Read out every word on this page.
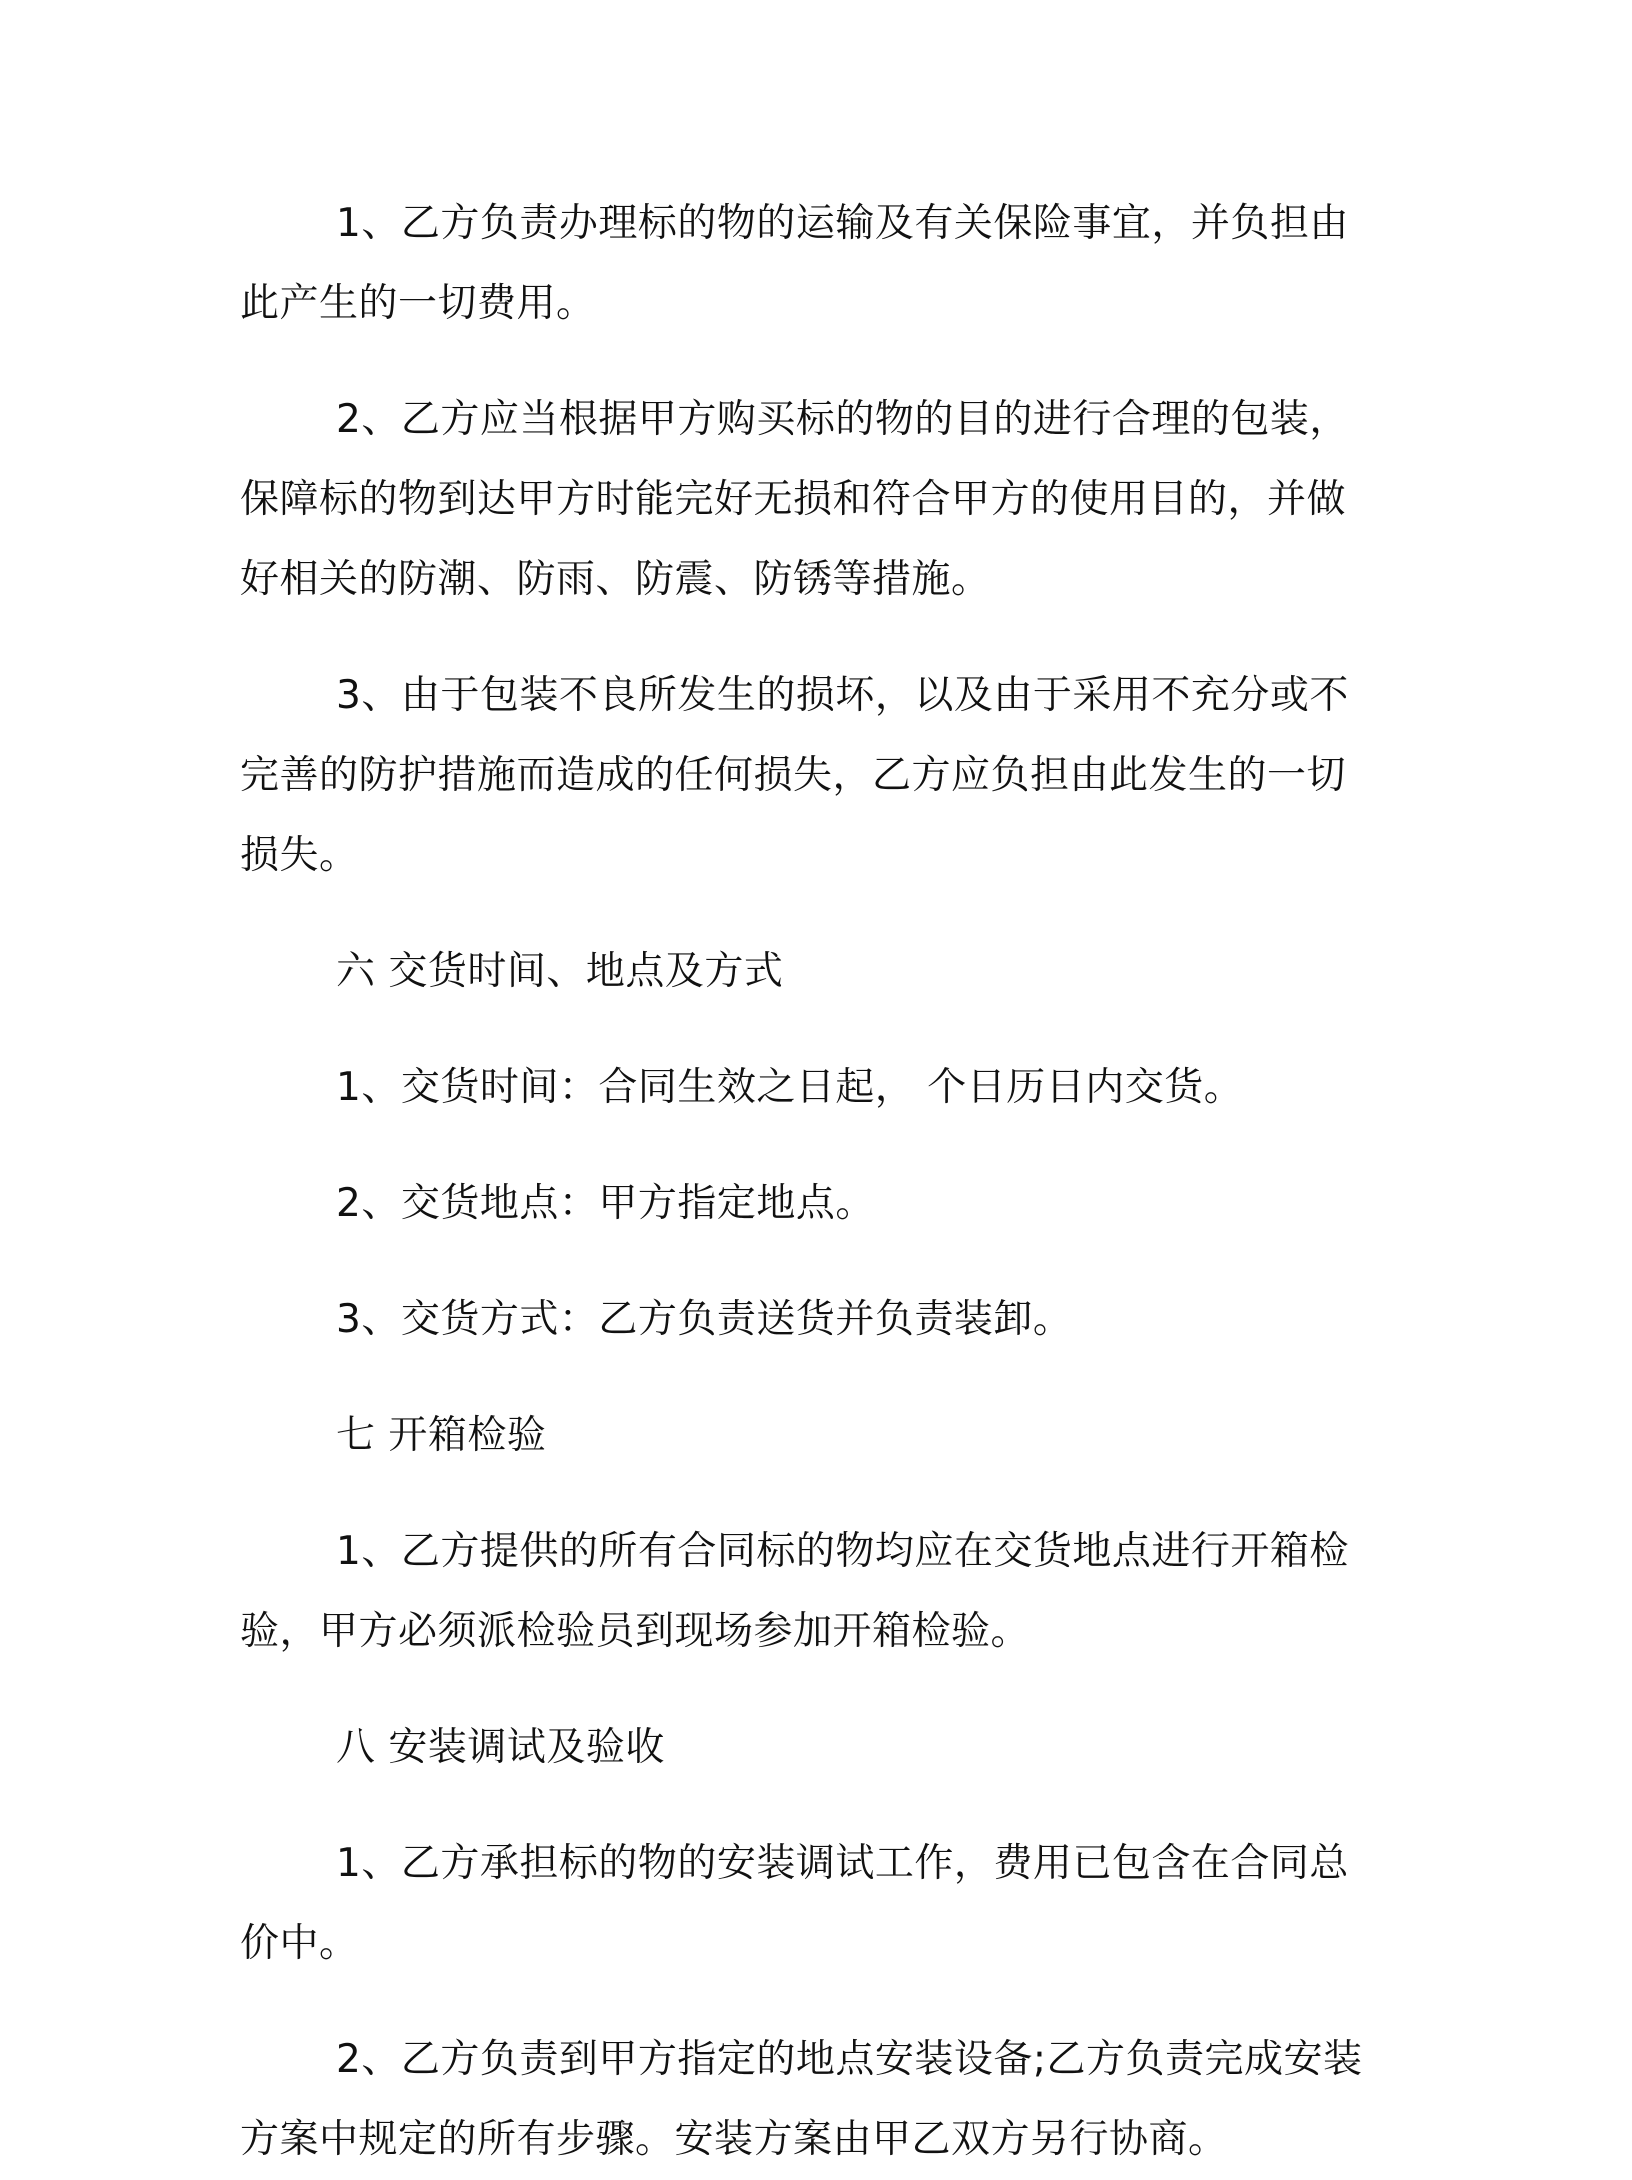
1、乙方负责办理标的物的运输及有关保险事宜，并负担由此产生的一切费用。

2、乙方应当根据甲方购买标的物的目的进行合理的包装，保障标的物到达甲方时能完好无损和符合甲方的使用目的，并做好相关的防潮、防雨、防震、防锈等措施。

3、由于包装不良所发生的损坏，以及由于采用不充分或不完善的防护措施而造成的任何损失，乙方应负担由此发生的一切损失。

六 交货时间、地点及方式

1、交货时间：合同生效之日起， 个日历日内交货。

2、交货地点：甲方指定地点。

3、交货方式：乙方负责送货并负责装卸。

七 开箱检验

1、乙方提供的所有合同标的物均应在交货地点进行开箱检验，甲方必须派检验员到现场参加开箱检验。

八 安装调试及验收

1、乙方承担标的物的安装调试工作，费用已包含在合同总价中。

2、乙方负责到甲方指定的地点安装设备;乙方负责完成安装方案中规定的所有步骤。安装方案由甲乙双方另行协商。
